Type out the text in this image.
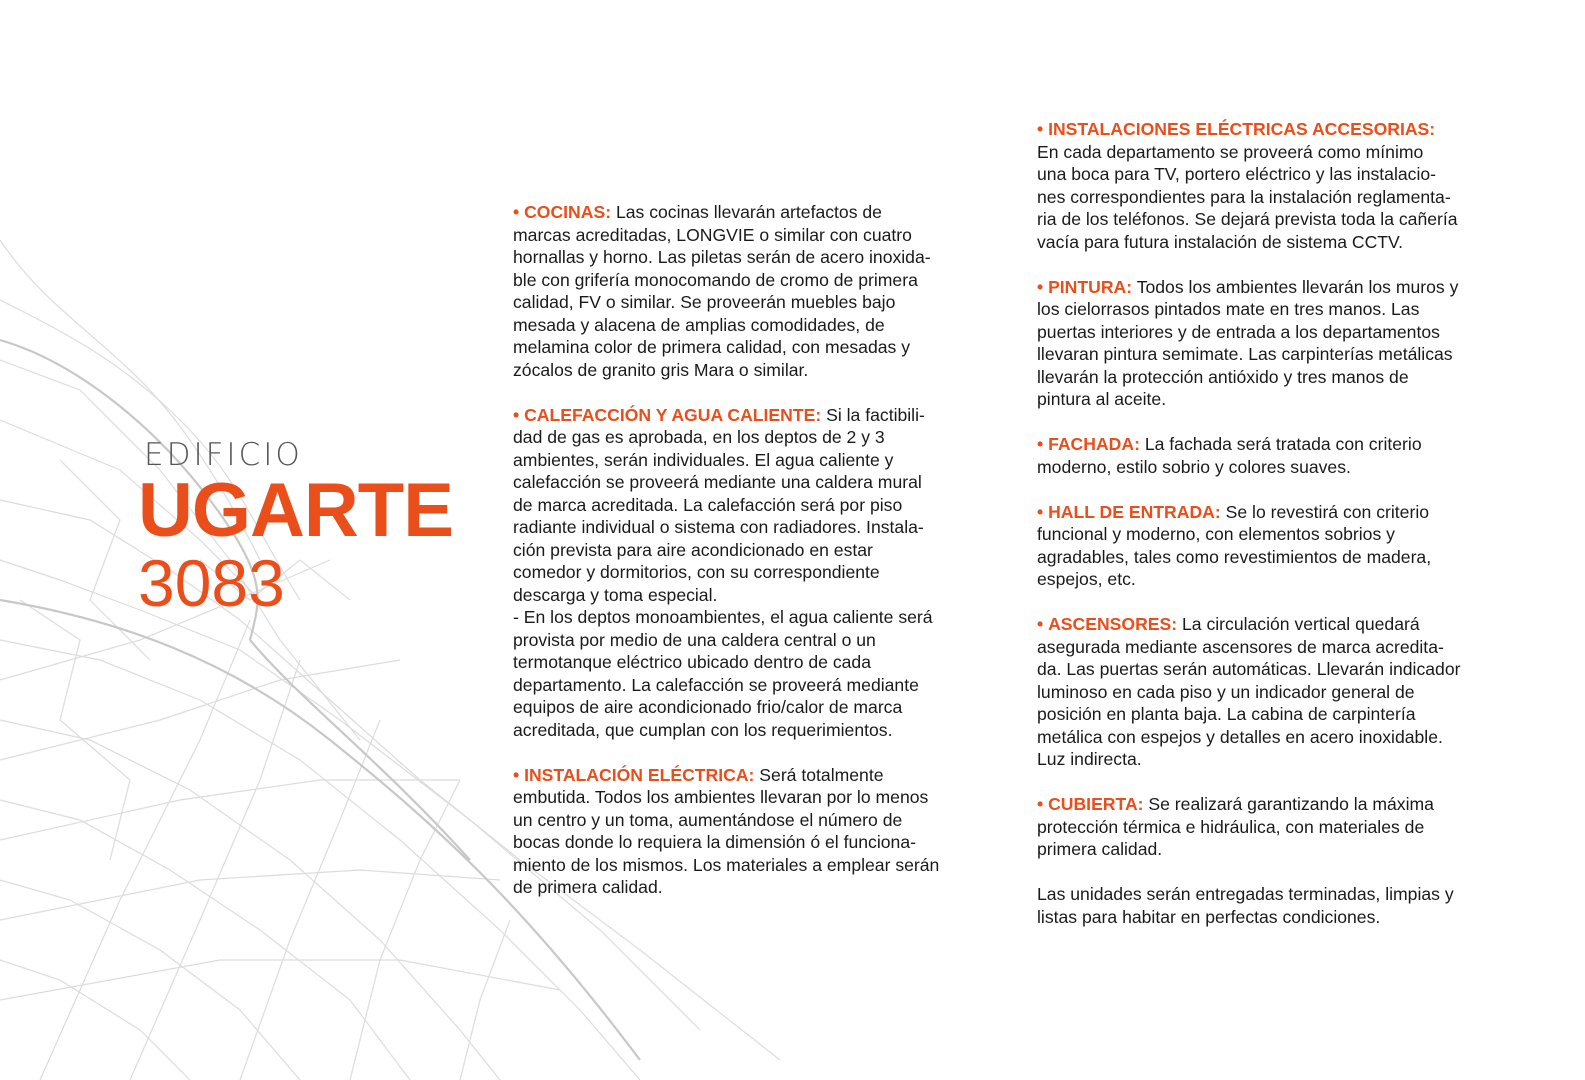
EDIFICIO
UGARTE
3083
• COCINAS: Las cocinas llevarán artefactos de
marcas acreditadas, LONGVIE o similar con cuatro
hornallas y horno. Las piletas serán de acero inoxida-
ble con grifería monocomando de cromo de primera
calidad, FV o similar. Se proveerán muebles bajo
mesada y alacena de amplias comodidades, de
melamina color de primera calidad, con mesadas y
zócalos de granito gris Mara o similar.
• CALEFACCIÓN Y AGUA CALIENTE: Si la factibili-
dad de gas es aprobada, en los deptos de 2 y 3
ambientes, serán individuales. El agua caliente y
calefacción se proveerá mediante una caldera mural
de marca acreditada. La calefacción será por piso
radiante individual o sistema con radiadores. Instala-
ción prevista para aire acondicionado en estar
comedor y dormitorios, con su correspondiente
descarga y toma especial.
- En los deptos monoambientes, el agua caliente será
provista por medio de una caldera central o un
termotanque eléctrico ubicado dentro de cada
departamento. La calefacción se proveerá mediante
equipos de aire acondicionado frio/calor de marca
acreditada, que cumplan con los requerimientos.
• INSTALACIÓN ELÉCTRICA: Será totalmente
embutida. Todos los ambientes llevaran por lo menos
un centro y un toma, aumentándose el número de
bocas donde lo requiera la dimensión ó el funciona-
miento de los mismos. Los materiales a emplear serán
de primera calidad.
• INSTALACIONES ELÉCTRICAS ACCESORIAS:
En cada departamento se proveerá como mínimo
una boca para TV, portero eléctrico y las instalacio-
nes correspondientes para la instalación reglamenta-
ria de los teléfonos. Se dejará prevista toda la cañería
vacía para futura instalación de sistema CCTV.
• PINTURA: Todos los ambientes llevarán los muros y
los cielorrasos pintados mate en tres manos. Las
puertas interiores y de entrada a los departamentos
llevaran pintura semimate. Las carpinterías metálicas
llevarán la protección antióxido y tres manos de
pintura al aceite.
• FACHADA: La fachada será tratada con criterio
moderno, estilo sobrio y colores suaves.
• HALL DE ENTRADA: Se lo revestirá con criterio
funcional y moderno, con elementos sobrios y
agradables, tales como revestimientos de madera,
espejos, etc.
• ASCENSORES: La circulación vertical quedará
asegurada mediante ascensores de marca acredita-
da. Las puertas serán automáticas. Llevarán indicador
luminoso en cada piso y un indicador general de
posición en planta baja. La cabina de carpintería
metálica con espejos y detalles en acero inoxidable.
Luz indirecta.
• CUBIERTA: Se realizará garantizando la máxima
protección térmica e hidráulica, con materiales de
primera calidad.
Las unidades serán entregadas terminadas, limpias y
listas para habitar en perfectas condiciones.
